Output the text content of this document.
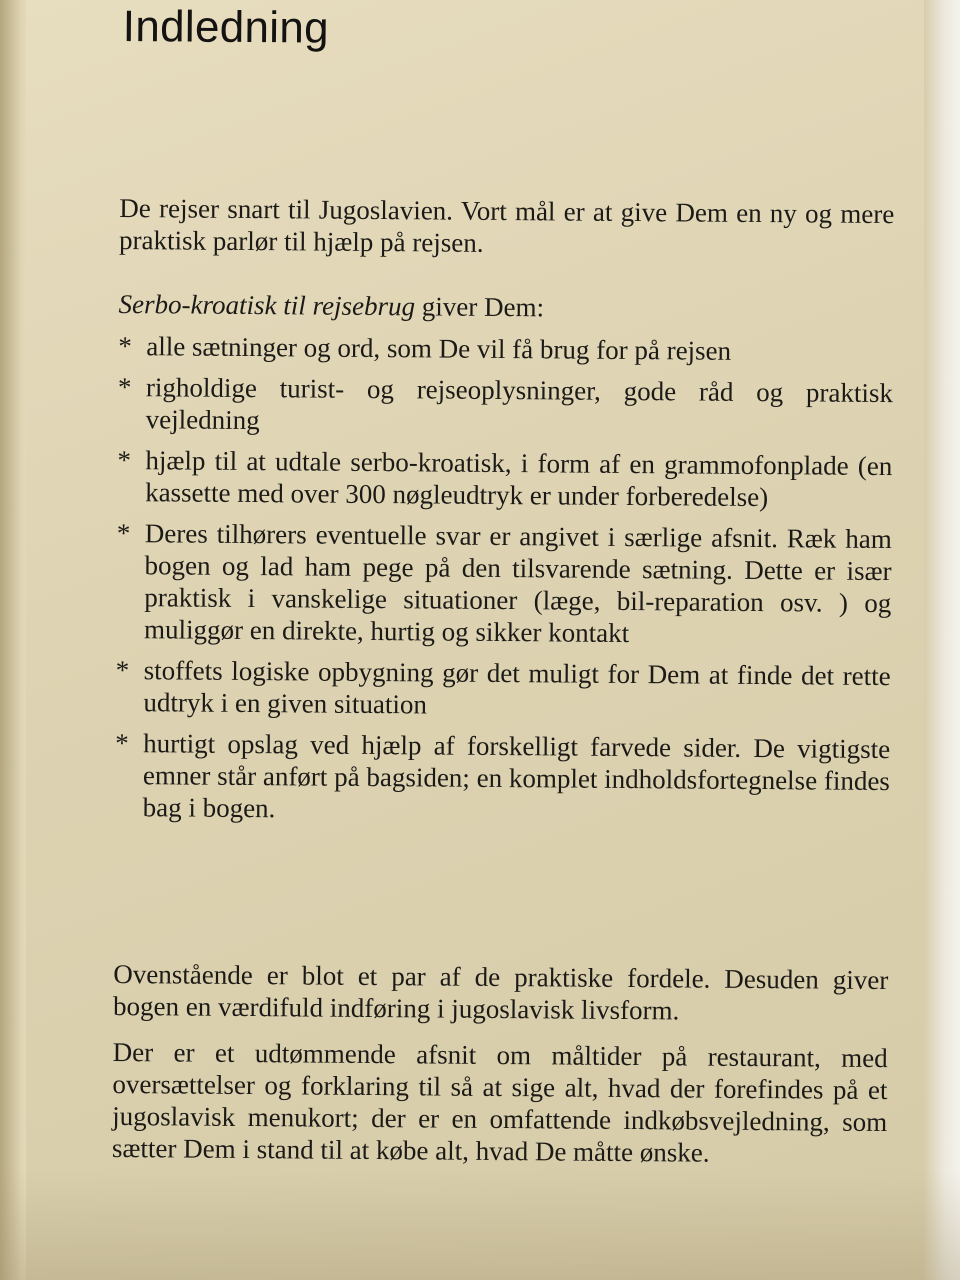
Indledning

De rejser snart til Jugoslavien. Vort mål er at give Dem en ny og mere praktisk parlør til hjælp på rejsen.

Serbo-kroatisk til rejsebrug giver Dem:

* alle sætninger og ord, som De vil få brug for på rejsen
* righoldige turist- og rejseoplysninger, gode råd og praktisk vejledning
* hjælp til at udtale serbo-kroatisk, i form af en grammofonplade (en kassette med over 300 nøgleudtryk er under forberedelse)
* Deres tilhørers eventuelle svar er angivet i særlige afsnit. Ræk ham bogen og lad ham pege på den tilsvarende sætning. Dette er især praktisk i vanskelige situationer (læge, bil-reparation osv. ) og muliggør en direkte, hurtig og sikker kontakt
* stoffets logiske opbygning gør det muligt for Dem at finde det rette udtryk i en given situation
* hurtigt opslag ved hjælp af forskelligt farvede sider. De vigtigste emner står anført på bagsiden; en komplet indholdsfortegnelse findes bag i bogen.

Ovenstående er blot et par af de praktiske fordele. Desuden giver bogen en værdifuld indføring i jugoslavisk livsform.

Der er et udtømmende afsnit om måltider på restaurant, med oversættelser og forklaring til så at sige alt, hvad der forefindes på et jugoslavisk menukort; der er en omfattende indkøbsvejledning, som sætter Dem i stand til at købe alt, hvad De måtte ønske.
